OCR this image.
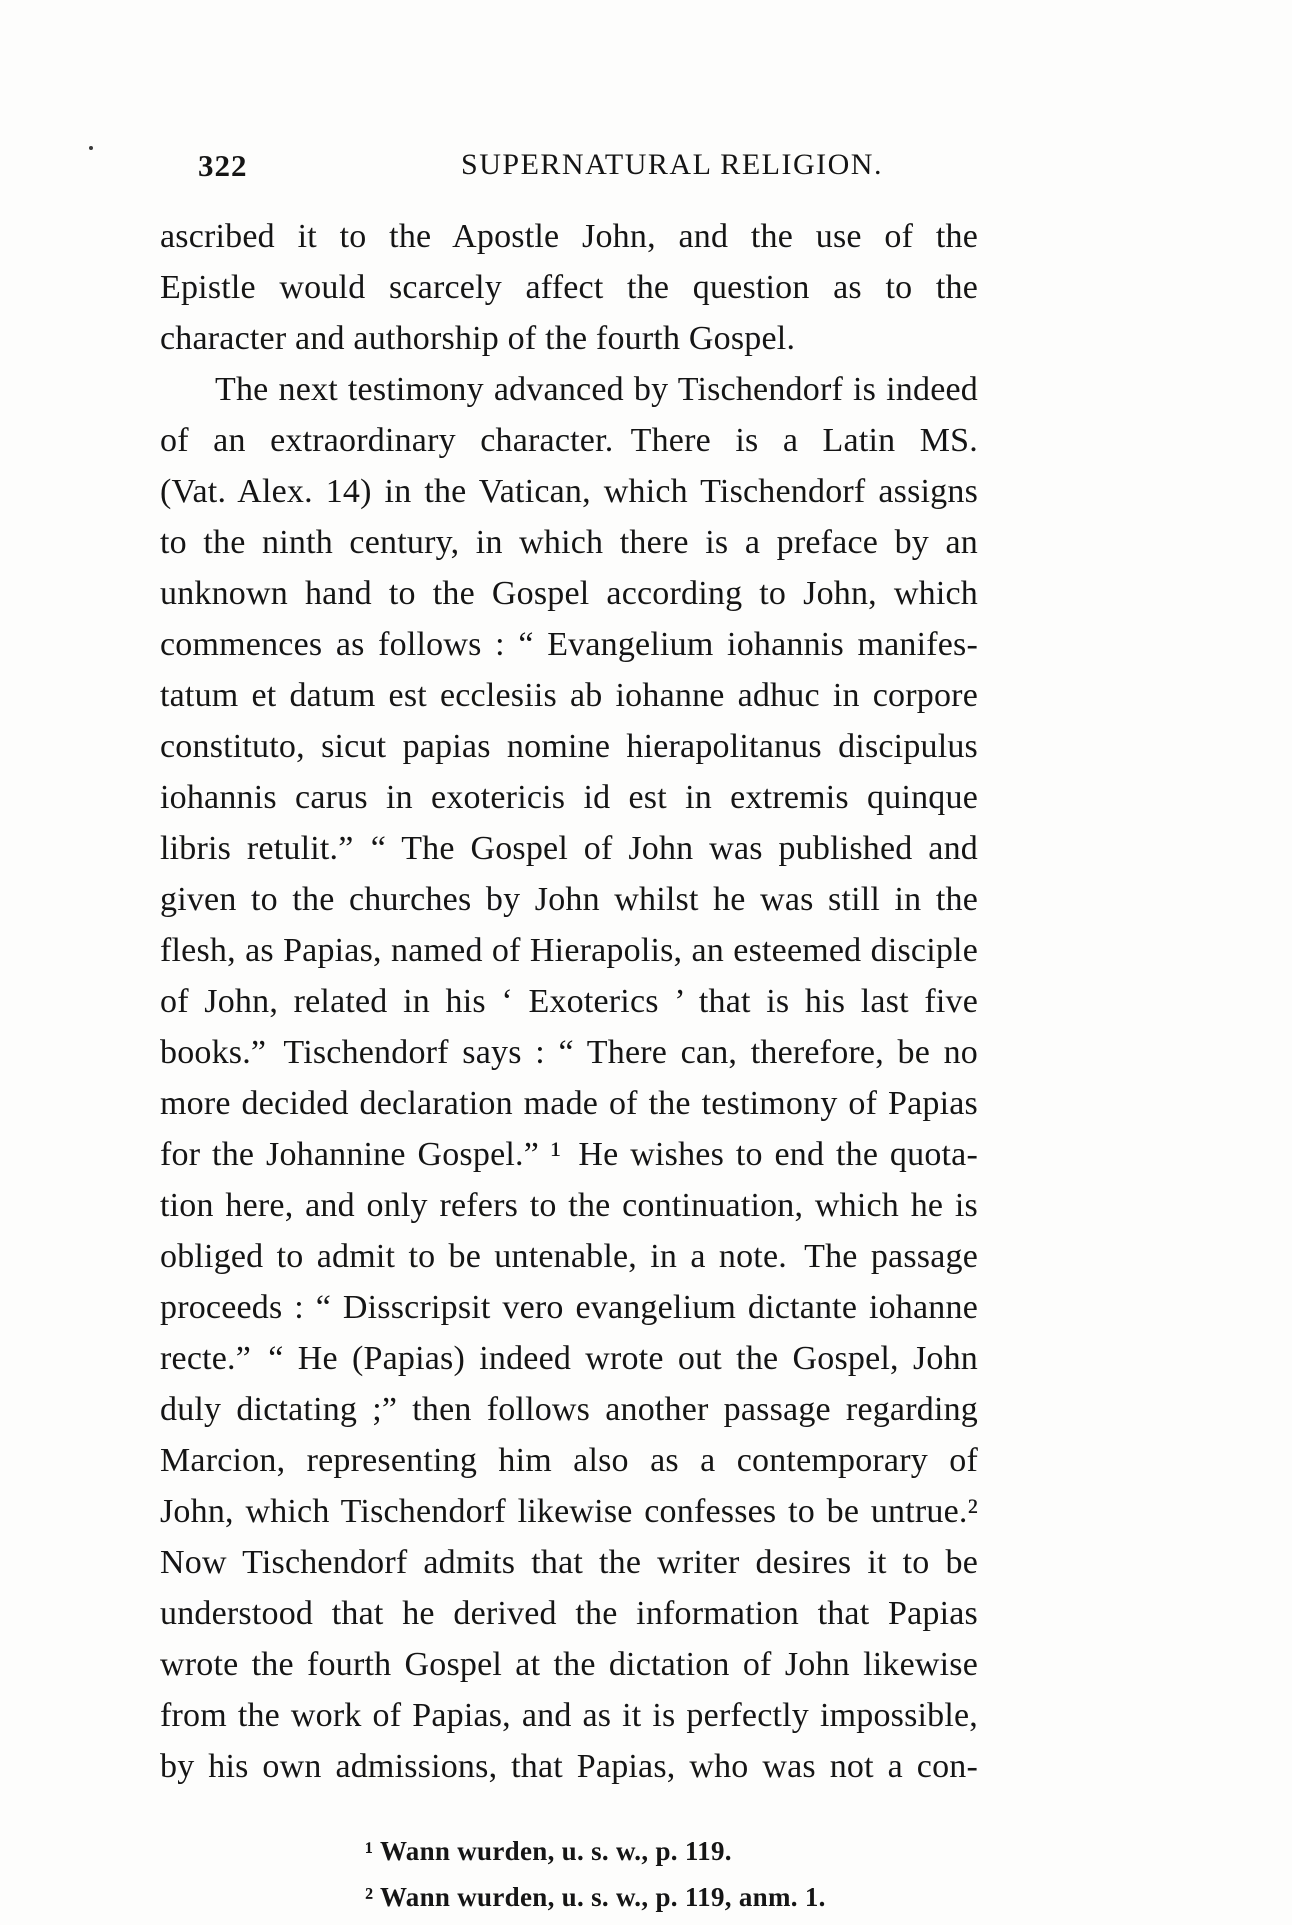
322	SUPERNATURAL RELIGION.
ascribed it to the Apostle John, and the use of the
Epistle would scarcely affect the question as to the
character and authorship of the fourth Gospel.
The next testimony advanced by Tischendorf is indeed
of an extraordinary character. There is a Latin MS.
(Vat. Alex. 14) in the Vatican, which Tischendorf assigns
to the ninth century, in which there is a preface by an
unknown hand to the Gospel according to John, which
commences as follows : “ Evangelium iohannis manifes-
tatum et datum est ecclesiis ab iohanne adhuc in corpore
constituto, sicut papias nomine hierapolitanus discipulus
iohannis carus in exotericis id est in extremis quinque
libris retulit.” “ The Gospel of John was published and
given to the churches by John whilst he was still in the
flesh, as Papias, named of Hierapolis, an esteemed disciple
of John, related in his ‘ Exoterics ’ that is his last five
books.” Tischendorf says : “ There can, therefore, be no
more decided declaration made of the testimony of Papias
for the Johannine Gospel.” ¹ He wishes to end the quota-
tion here, and only refers to the continuation, which he is
obliged to admit to be untenable, in a note. The passage
proceeds : “ Disscripsit vero evangelium dictante iohanne
recte.” “ He (Papias) indeed wrote out the Gospel, John
duly dictating ;” then follows another passage regarding
Marcion, representing him also as a contemporary of
John, which Tischendorf likewise confesses to be untrue.²
Now Tischendorf admits that the writer desires it to be
understood that he derived the information that Papias
wrote the fourth Gospel at the dictation of John likewise
from the work of Papias, and as it is perfectly impossible,
by his own admissions, that Papias, who was not a con-
¹ Wann wurden, u. s. w., p. 119.
² Wann wurden, u. s. w., p. 119, anm. 1.
